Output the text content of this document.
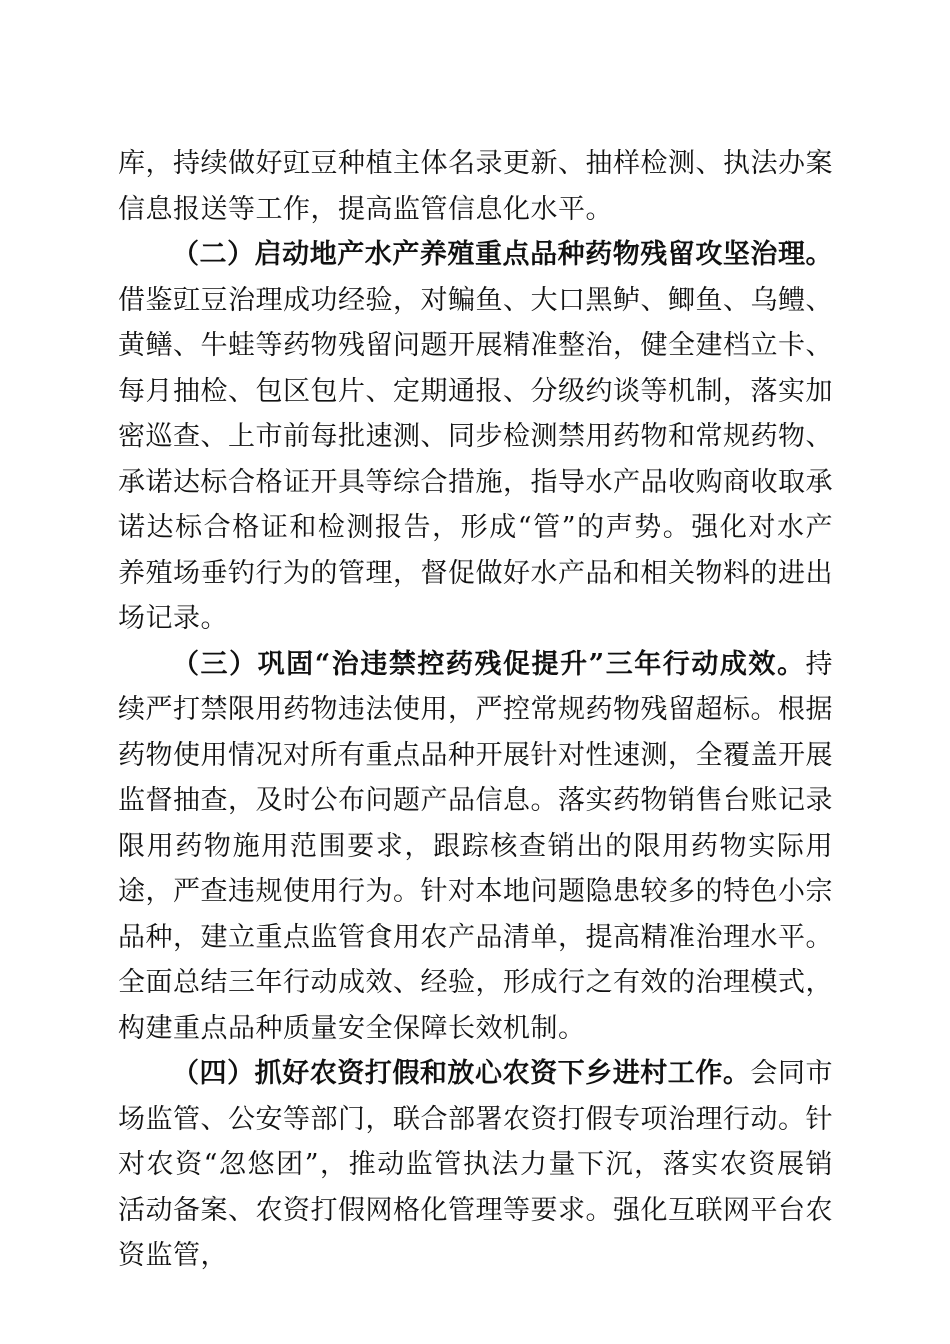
库，持续做好豇豆种植主体名录更新、抽样检测、执法办案信息报送等工作，提高监管信息化水平。

（二）启动地产水产养殖重点品种药物残留攻坚治理。借鉴豇豆治理成功经验，对鳊鱼、大口黑鲈、鲫鱼、乌鳢、黄鳝、牛蛙等药物残留问题开展精准整治，健全建档立卡、每月抽检、包区包片、定期通报、分级约谈等机制，落实加密巡查、上市前每批速测、同步检测禁用药物和常规药物、承诺达标合格证开具等综合措施，指导水产品收购商收取承诺达标合格证和检测报告，形成“管”的声势。强化对水产养殖场垂钓行为的管理，督促做好水产品和相关物料的进出场记录。

（三）巩固“治违禁控药残促提升”三年行动成效。持续严打禁限用药物违法使用，严控常规药物残留超标。根据药物使用情况对所有重点品种开展针对性速测，全覆盖开展监督抽查，及时公布问题产品信息。落实药物销售台账记录限用药物施用范围要求，跟踪核查销出的限用药物实际用途，严查违规使用行为。针对本地问题隐患较多的特色小宗品种，建立重点监管食用农产品清单，提高精准治理水平。全面总结三年行动成效、经验，形成行之有效的治理模式，构建重点品种质量安全保障长效机制。

（四）抓好农资打假和放心农资下乡进村工作。会同市场监管、公安等部门，联合部署农资打假专项治理行动。针对农资“忽悠团”，推动监管执法力量下沉，落实农资展销活动备案、农资打假网格化管理等要求。强化互联网平台农资监管，
